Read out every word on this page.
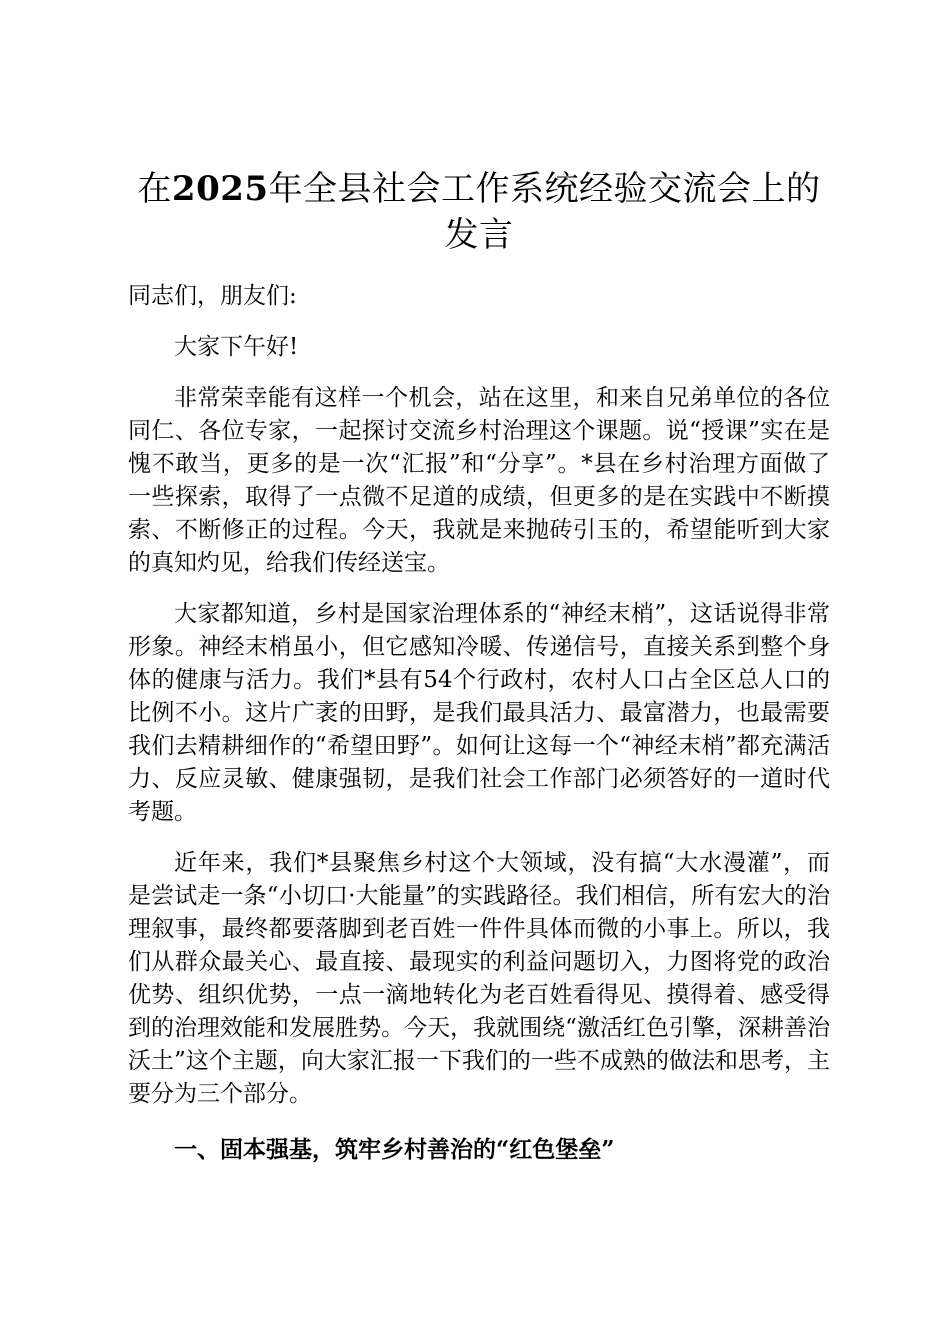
在2025年全县社会工作系统经验交流会上的发言

同志们，朋友们:

大家下午好!

非常荣幸能有这样一个机会，站在这里，和来自兄弟单位的各位同仁、各位专家，一起探讨交流乡村治理这个课题。说“授课”实在是愧不敢当，更多的是一次“汇报”和“分享”。*县在乡村治理方面做了一些探索，取得了一点微不足道的成绩，但更多的是在实践中不断摸索、不断修正的过程。今天，我就是来抛砖引玉的，希望能听到大家的真知灼见，给我们传经送宝。

大家都知道，乡村是国家治理体系的“神经末梢”，这话说得非常形象。神经末梢虽小，但它感知冷暖、传递信号，直接关系到整个身体的健康与活力。我们*县有54个行政村，农村人口占全区总人口的比例不小。这片广袤的田野，是我们最具活力、最富潜力，也最需要我们去精耕细作的“希望田野”。如何让这每一个“神经末梢”都充满活力、反应灵敏、健康强韧，是我们社会工作部门必须答好的一道时代考题。

近年来，我们*县聚焦乡村这个大领域，没有搞“大水漫灌”，而是尝试走一条“小切口·大能量”的实践路径。我们相信，所有宏大的治理叙事，最终都要落脚到老百姓一件件具体而微的小事上。所以，我们从群众最关心、最直接、最现实的利益问题切入，力图将党的政治优势、组织优势，一点一滴地转化为老百姓看得见、摸得着、感受得到的治理效能和发展胜势。今天，我就围绕“激活红色引擎，深耕善治沃土”这个主题，向大家汇报一下我们的一些不成熟的做法和思考，主要分为三个部分。

一、固本强基，筑牢乡村善治的“红色堡垒”
